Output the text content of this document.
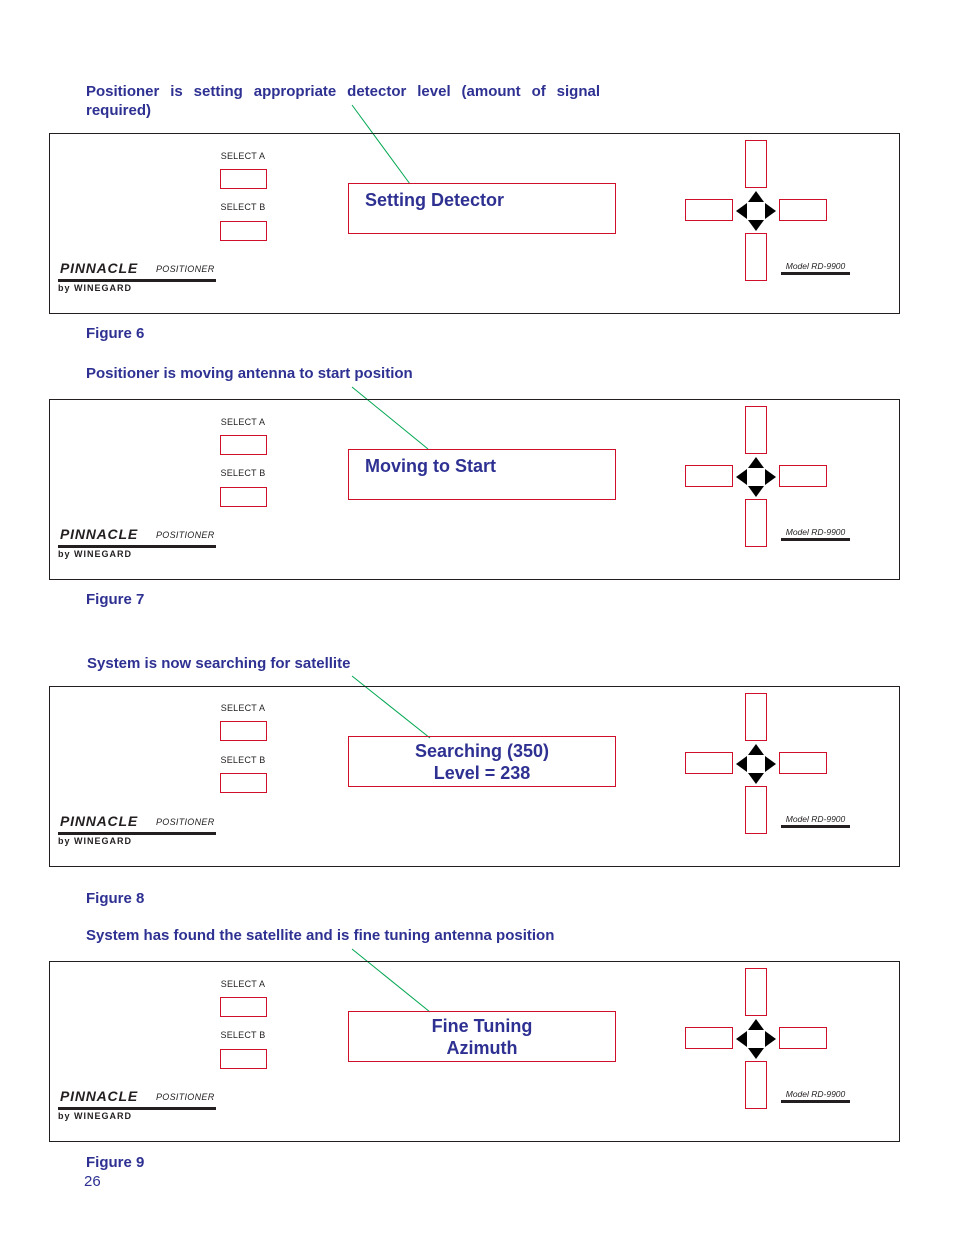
Positioner is setting appropriate detector level (amount of signal required)

Positioner is moving antenna to start position

System is now searching for satellite

System has found the satellite and is fine tuning antenna position

SELECT A
SELECT B	Setting Detector
PINNACLE POSITIONER
by WINEGARD
Model RD-9900
Figure 6
SELECT A
SELECT B	Moving to Start
PINNACLE POSITIONER
by WINEGARD
Model RD-9900
Figure 7
SELECT A
SELECT B	Searching (350)
Level = 238
PINNACLE POSITIONER
by WINEGARD
Model RD-9900
Figure 8
SELECT A
SELECT B	Fine Tuning
Azimuth
PINNACLE POSITIONER
by WINEGARD
Model RD-9900
Figure 9
26
